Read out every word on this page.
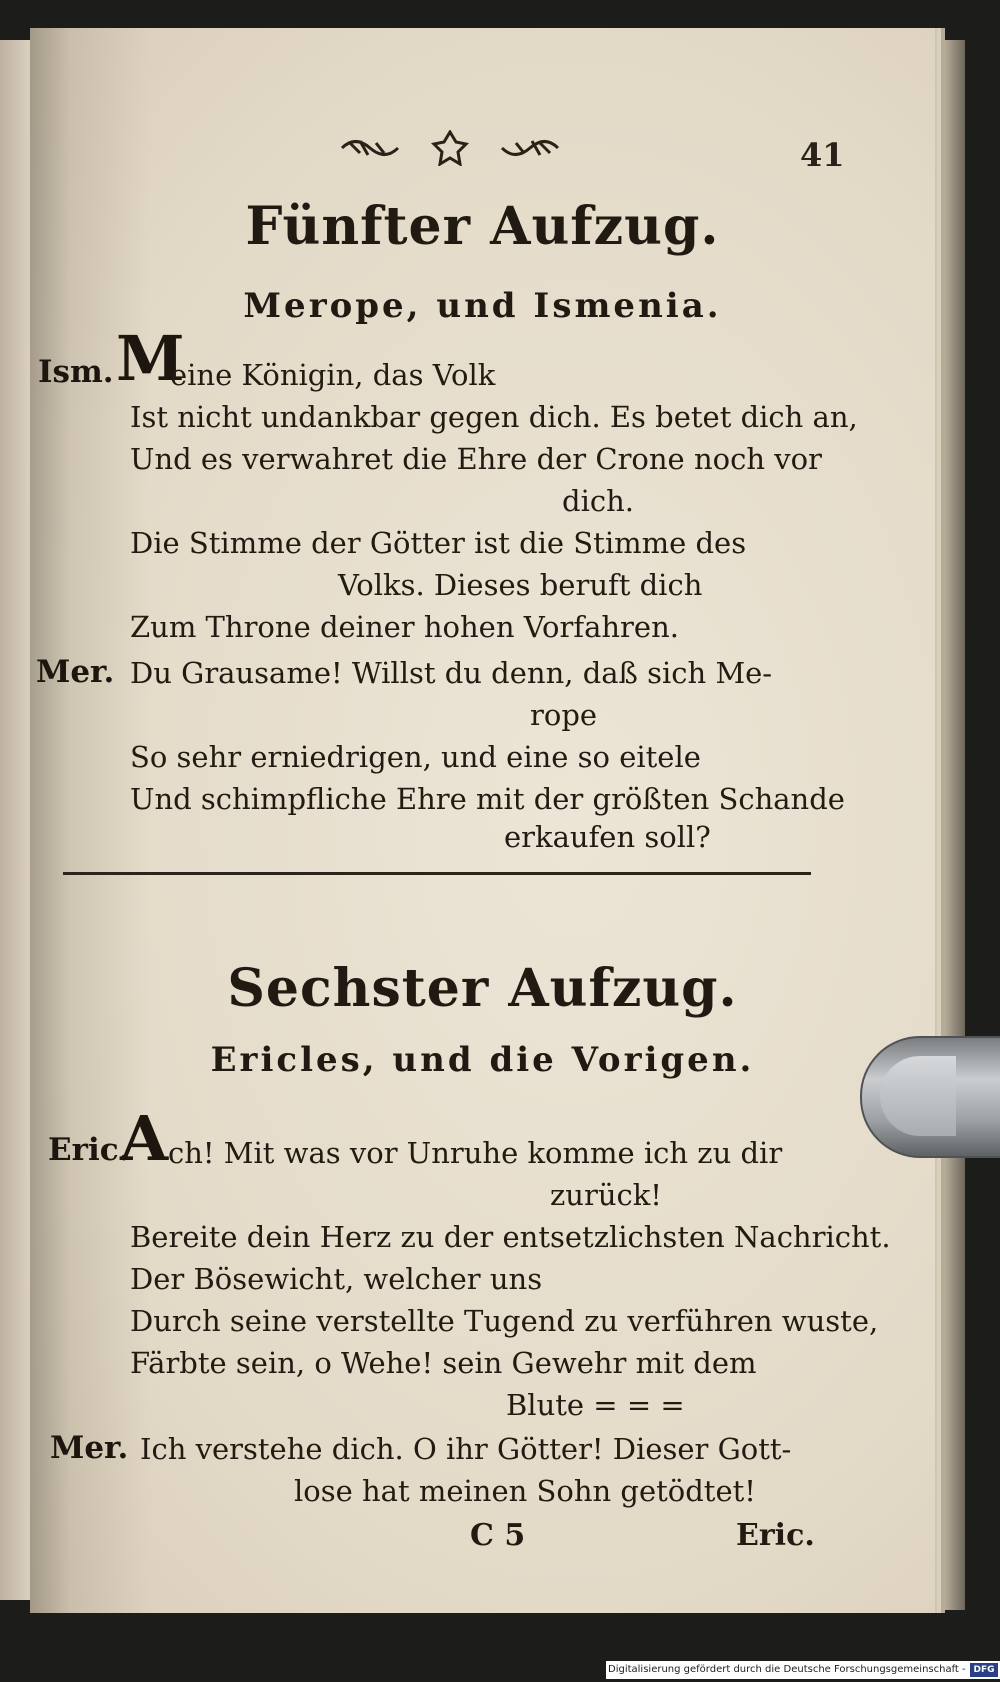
41
Fünfter Aufzug.
Merope, und Ismenia.
Ism. M
eine Königin, das Volk
Ist nicht undankbar gegen dich. Es betet dich an,
Und es verwahret die Ehre der Crone noch vor
dich.
Die Stimme der Götter ist die Stimme des
Volks. Dieses beruft dich
Zum Throne deiner hohen Vorfahren.
Mer. Du Grausame! Willst du denn, daß sich Me-
rope
So sehr erniedrigen, und eine so eitele
Und schimpfliche Ehre mit der größten Schande
erkaufen soll?
Sechster Aufzug.
Ericles, und die Vorigen.
Eric.
A ch! Mit was vor Unruhe komme ich zu dir
zurück!
Bereite dein Herz zu der entsetzlichsten Nachricht.
Der Bösewicht, welcher uns
Durch seine verstellte Tugend zu verführen wuste,
Färbte sein, o Wehe! sein Gewehr mit dem
Blute = = =
Mer. Ich verstehe dich. O ihr Götter! Dieser Gott-
lose hat meinen Sohn getödtet!
C 5	Eric.
Digitalisierung gefördert durch die Deutsche Forschungsgemeinschaft - DFG
